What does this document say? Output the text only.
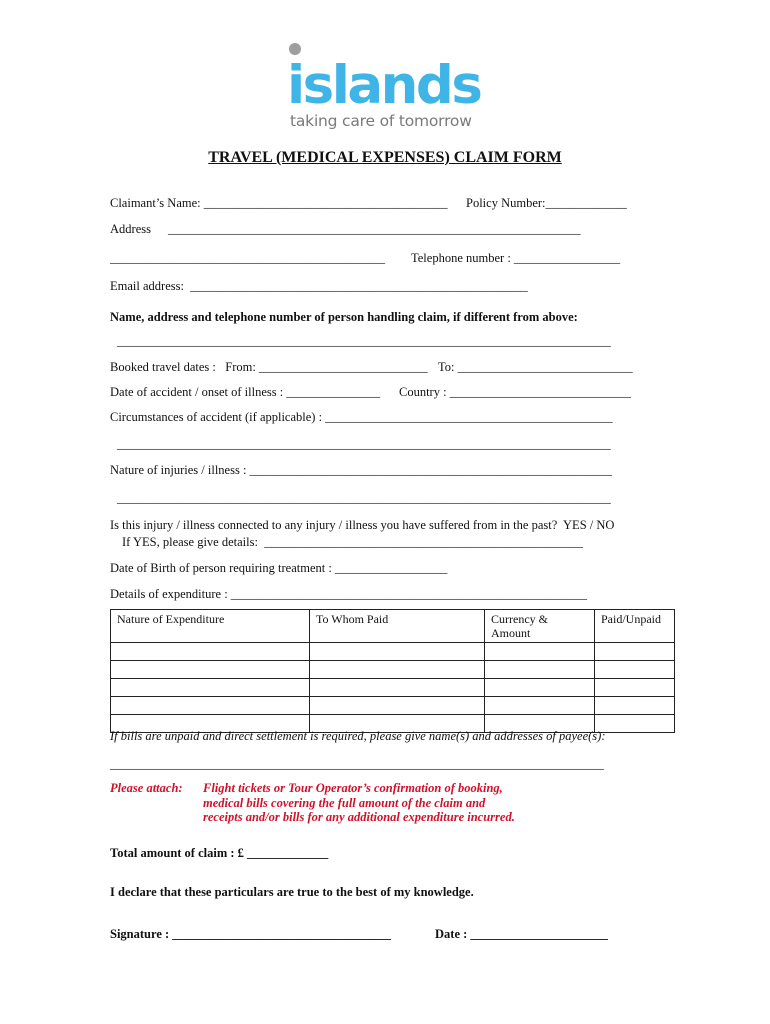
islands
taking care of tomorrow
TRAVEL (MEDICAL EXPENSES) CLAIM FORM
Claimant’s Name: _______________________________________ Policy Number:_____________
Address __________________________________________________________________
____________________________________________ Telephone number : _________________
Email address:  ______________________________________________________
Name, address and telephone number of person handling claim, if different from above:
_______________________________________________________________________________
Booked travel dates :   From: ___________________________ To: ____________________________
Date of accident / onset of illness : _______________ Country : _____________________________
Circumstances of accident (if applicable) : ______________________________________________
_______________________________________________________________________________
Nature of injuries / illness : __________________________________________________________
_______________________________________________________________________________
Is this injury / illness connected to any injury / illness you have suffered from in the past?  YES / NO
If YES, please give details:  ___________________________________________________
Date of Birth of person requiring treatment : __________________
Details of expenditure : _________________________________________________________
Nature of Expenditure	To Whom Paid	Currency & Amount	Paid/Unpaid

If bills are unpaid and direct settlement is required, please give name(s) and addresses of payee(s):
_______________________________________________________________________________
Please attach: Flight tickets or Tour Operator’s confirmation of booking,
medical bills covering the full amount of the claim and
receipts and/or bills for any additional expenditure incurred.
Total amount of claim : £ _____________
I declare that these particulars are true to the best of my knowledge.
Signature : ___________________________________	Date : ______________________
